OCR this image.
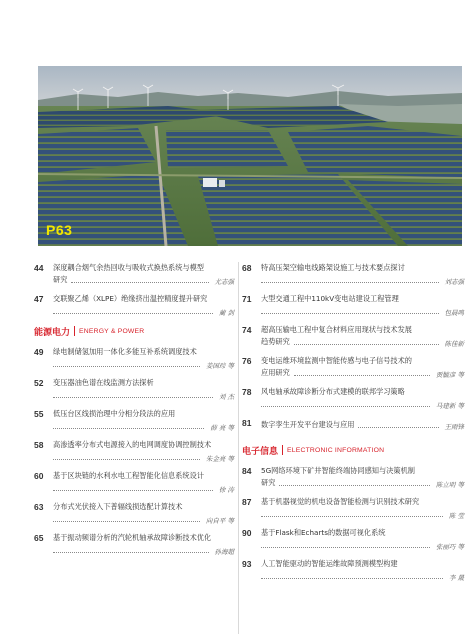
P63
44	深度耦合烟气余热回收与吸收式换热系统与模型
研究	尤志强
47	交联聚乙烯（XLPE）绝缘挤出温控精度提升研究
蔺 剑
能源电力 ENERGY & POWER
49	绿电制储氢加用一体化多能互补系统调度技术
姜国琮 等
52	变压器油色谱在线监测方法探析
刘 杰
55	低压台区线损治理中分相分段法的应用
薛 亮 等
58	高渗透率分布式电源接入的电网调度协调控制技术
朱金亮 等
60	基于区块链的水利水电工程智能化信息系统设计
徐 涛
63	分布式光伏接入下普辐线损选配计算技术
向自平 等
65	基于振动频谱分析的汽轮机轴承故障诊断技术优化
孙海超
68	特高压架空输电线路架设施工与技术要点探讨
刘志强
71	大型交通工程中110kV变电站建设工程管理
包晨鸣
74	超高压输电工程中复合材料应用现状与技术发展
趋势研究	陈佳新
76	变电运维环境监测中智能传感与电子信号技术的
应用研究	贾毓彦 等
78	风电轴承故障诊断分布式建模的联邦学习策略
马建新 等
81	数字孪生开发平台建设与应用	王雨锋
电子信息 ELECTRONIC INFORMATION
84	5G网络环境下矿井智能终端协同感知与决策机制
研究	陈立明 等
87	基于机器视觉的机电设备智能检测与识别技术研究
陈 莹
90	基于Flask和Echarts的数据可视化系统
张丽巧 等
93	人工智能驱动的智能运维故障预测模型构建
李 晟
